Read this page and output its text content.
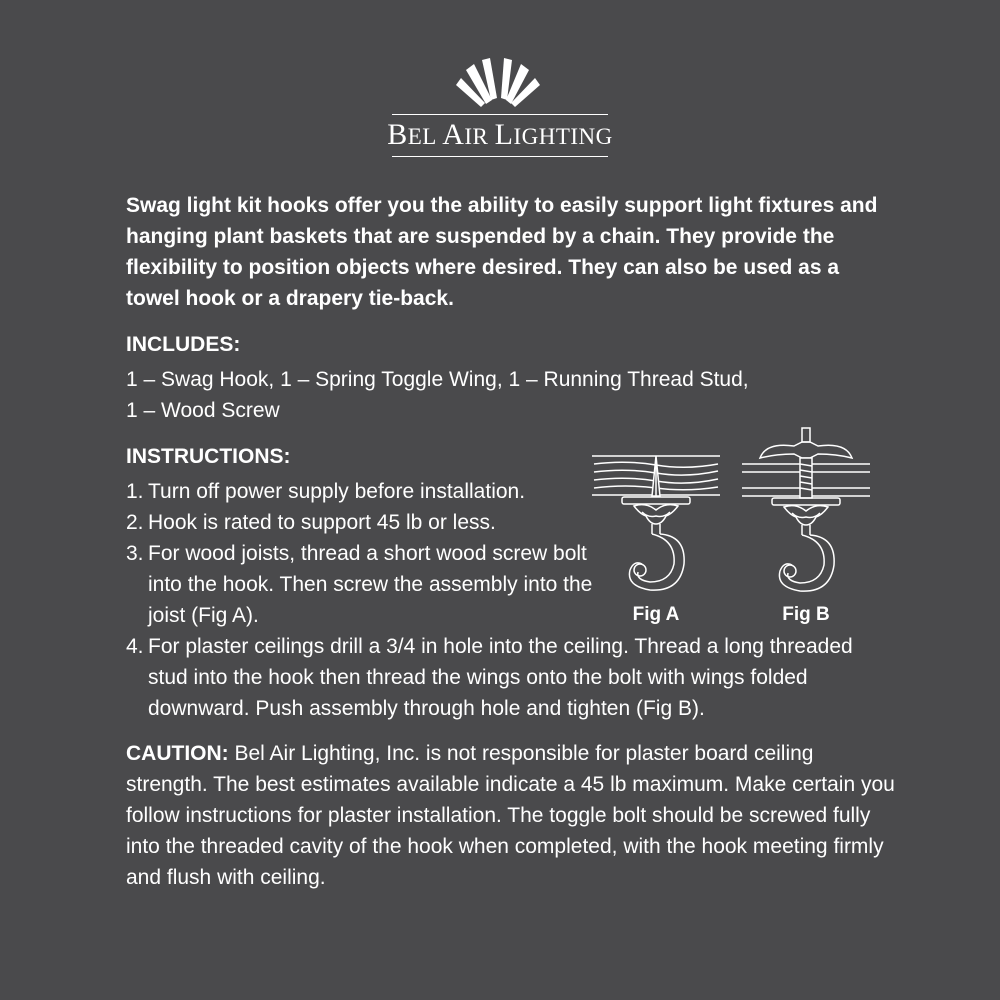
BEL AIR LIGHTING

Swag light kit hooks offer you the ability to easily support light fixtures and hanging plant baskets that are suspended by a chain. They provide the flexibility to position objects where desired. They can also be used as a towel hook or a drapery tie-back.

INCLUDES:

1 – Swag Hook, 1 – Spring Toggle Wing, 1 – Running Thread Stud,
1 – Wood Screw

INSTRUCTIONS:
1. Turn off power supply before installation.
2. Hook is rated to support 45 lb or less.
3. For wood joists, thread a short wood screw bolt into the hook. Then screw the assembly into the joist (Fig A).
4. For plaster ceilings drill a 3/4 in hole into the ceiling. Thread a long threaded stud into the hook then thread the wings onto the bolt with wings folded downward. Push assembly through hole and tighten (Fig B).

CAUTION: Bel Air Lighting, Inc. is not responsible for plaster board ceiling strength. The best estimates available indicate a 45 lb maximum. Make certain you follow instructions for plaster installation. The toggle bolt should be screwed fully into the threaded cavity of the hook when completed, with the hook meeting firmly and flush with ceiling.

Fig A	Fig B
